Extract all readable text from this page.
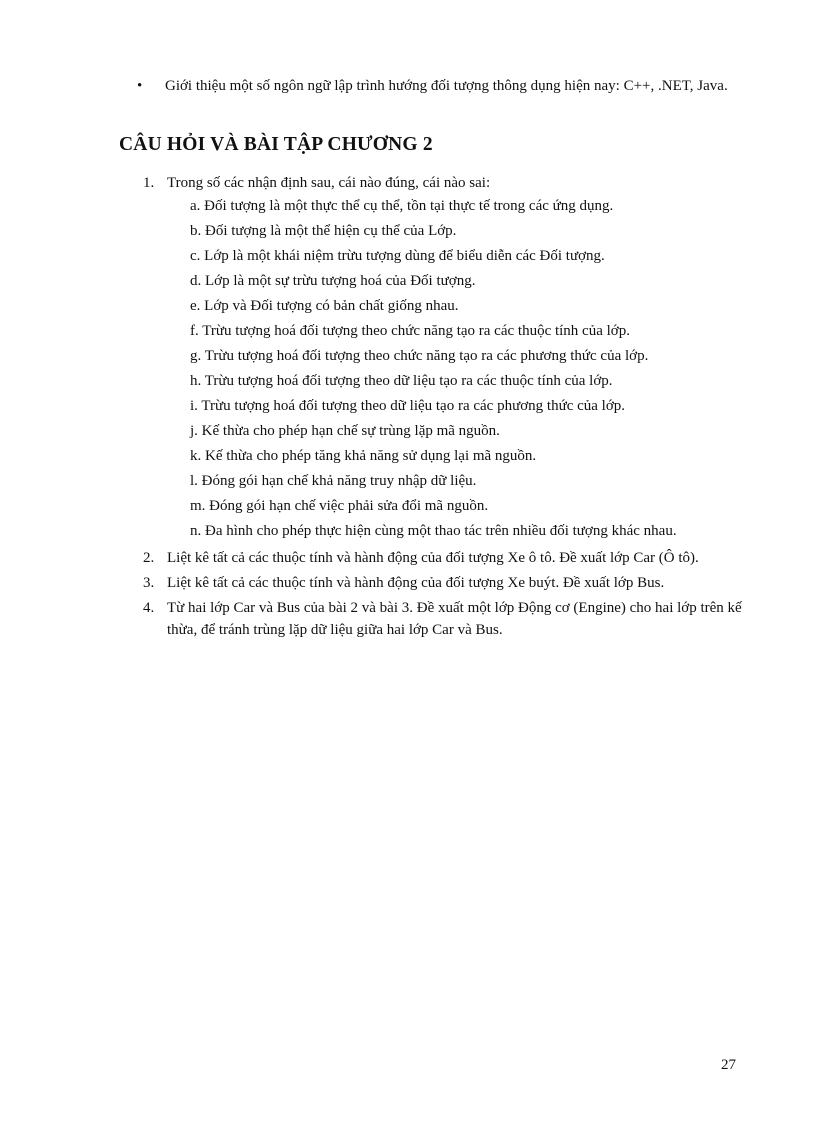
•	Giới thiệu một số ngôn ngữ lập trình hướng đối tượng thông dụng hiện nay: C++, .NET, Java.
CÂU HỎI VÀ BÀI TẬP CHƯƠNG 2
1. Trong số các nhận định sau, cái nào đúng, cái nào sai:
a. Đối tượng là một thực thể cụ thể, tồn tại thực tế trong các ứng dụng.
b. Đối tượng là một thể hiện cụ thể của Lớp.
c. Lớp là một khái niệm trừu tượng dùng để biểu diễn các Đối tượng.
d. Lớp là một sự trừu tượng hoá của Đối tượng.
e. Lớp và Đối tượng có bản chất giống nhau.
f. Trừu tượng hoá đối tượng theo chức năng tạo ra các thuộc tính của lớp.
g. Trừu tượng hoá đối tượng theo chức năng tạo ra các phương thức của lớp.
h. Trừu tượng hoá đối tượng theo dữ liệu tạo ra các thuộc tính của lớp.
i. Trừu tượng hoá đối tượng theo dữ liệu tạo ra các phương thức của lớp.
j. Kế thừa cho phép hạn chế sự trùng lặp mã nguồn.
k. Kế thừa cho phép tăng khả năng sử dụng lại mã nguồn.
l. Đóng gói hạn chế khả năng truy nhập dữ liệu.
m. Đóng gói hạn chế việc phải sửa đổi mã nguồn.
n. Đa hình cho phép thực hiện cùng một thao tác trên nhiều đối tượng khác nhau.
2. Liệt kê tất cả các thuộc tính và hành động của đối tượng Xe ô tô. Đề xuất lớp Car (Ô tô).
3. Liệt kê tất cả các thuộc tính và hành động của đối tượng Xe buýt. Đề xuất lớp Bus.
4. Từ hai lớp Car và Bus của bài 2 và bài 3. Đề xuất một lớp Động cơ (Engine) cho hai lớp trên kế thừa, để tránh trùng lặp dữ liệu giữa hai lớp Car và Bus.
27
